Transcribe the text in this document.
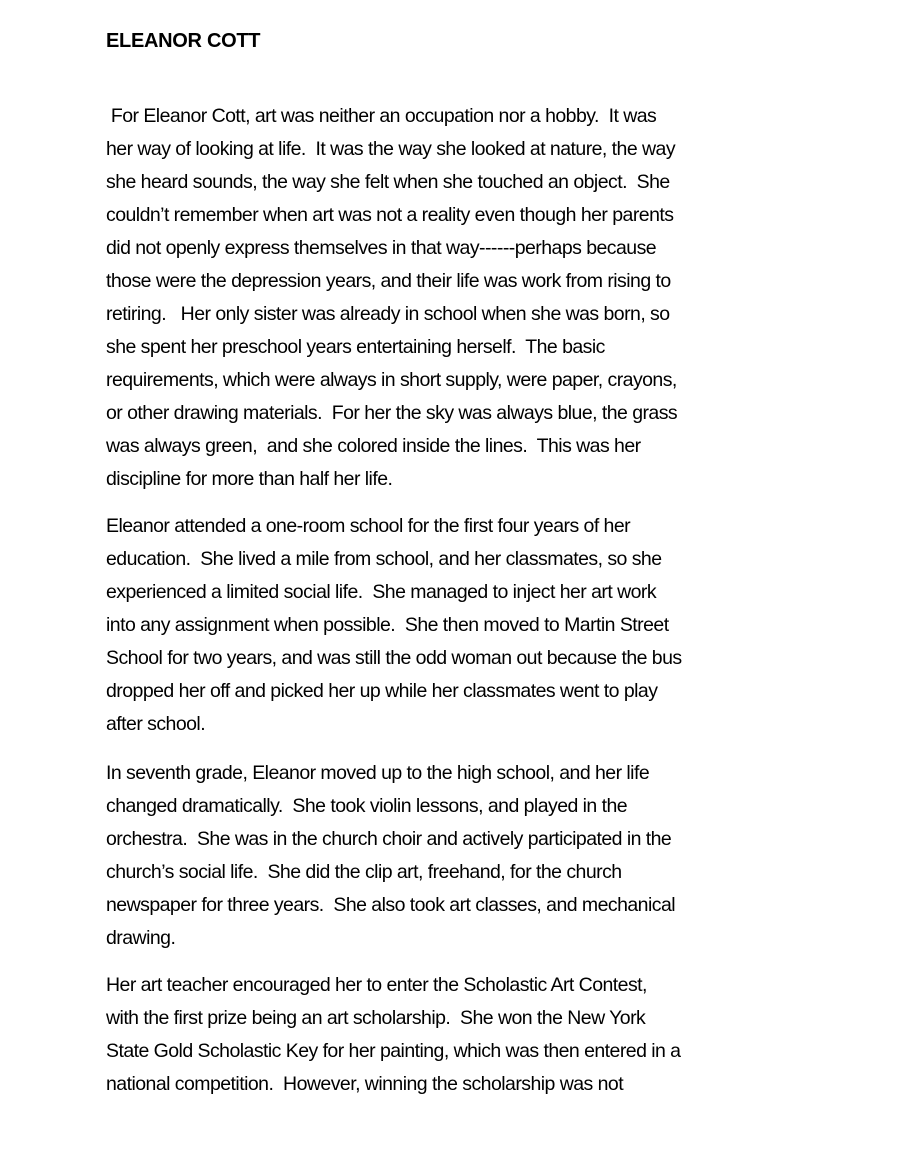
ELEANOR COTT
For Eleanor Cott, art was neither an occupation nor a hobby.  It was
her way of looking at life.  It was the way she looked at nature, the way
she heard sounds, the way she felt when she touched an object.  She
couldn’t remember when art was not a reality even though her parents
did not openly express themselves in that way------perhaps because
those were the depression years, and their life was work from rising to
retiring.   Her only sister was already in school when she was born, so
she spent her preschool years entertaining herself.  The basic
requirements, which were always in short supply, were paper, crayons,
or other drawing materials.  For her the sky was always blue, the grass
was always green,  and she colored inside the lines.  This was her
discipline for more than half her life.
Eleanor attended a one-room school for the first four years of her
education.  She lived a mile from school, and her classmates, so she
experienced a limited social life.  She managed to inject her art work
into any assignment when possible.  She then moved to Martin Street
School for two years, and was still the odd woman out because the bus
dropped her off and picked her up while her classmates went to play
after school.
In seventh grade, Eleanor moved up to the high school, and her life
changed dramatically.  She took violin lessons, and played in the
orchestra.  She was in the church choir and actively participated in the
church’s social life.  She did the clip art, freehand, for the church
newspaper for three years.  She also took art classes, and mechanical
drawing.
Her art teacher encouraged her to enter the Scholastic Art Contest,
with the first prize being an art scholarship.  She won the New York
State Gold Scholastic Key for her painting, which was then entered in a
national competition.  However, winning the scholarship was not
